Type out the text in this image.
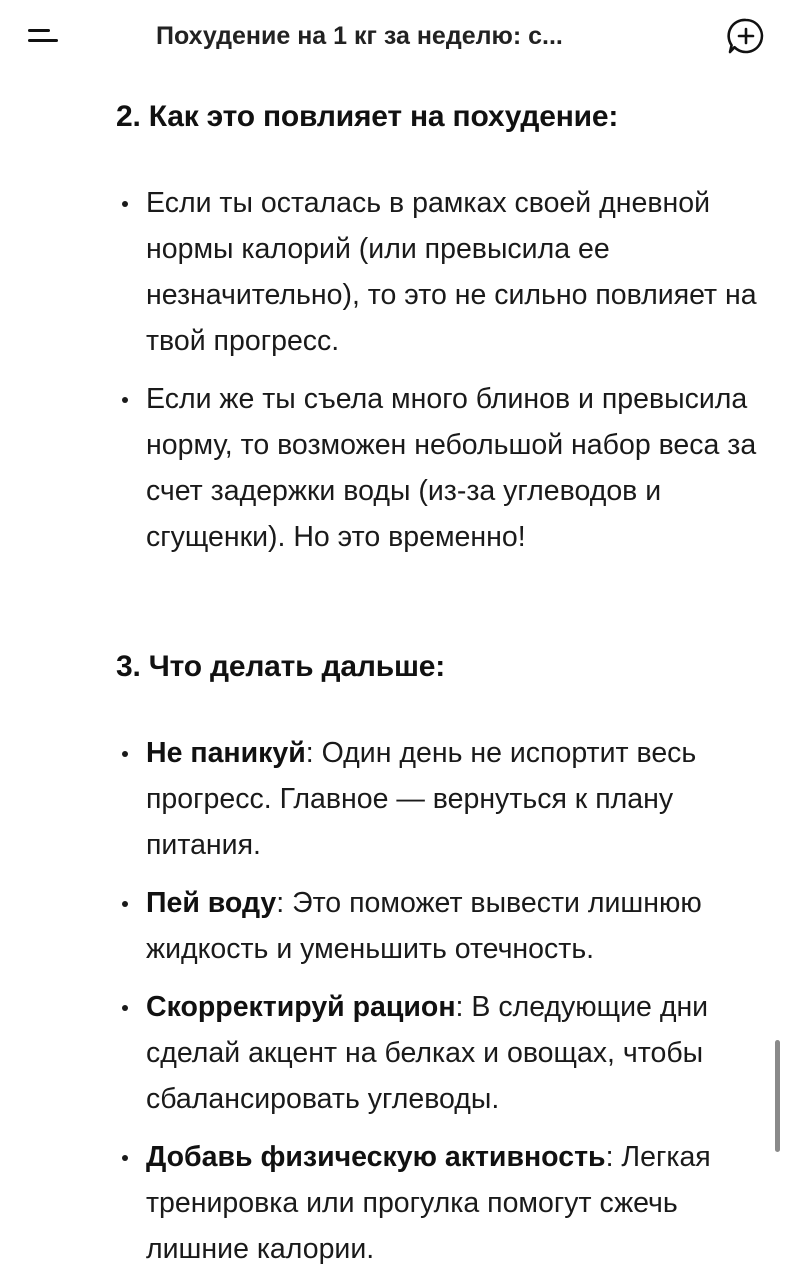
Похудение на 1 кг за неделю: с...
2. Как это повлияет на похудение:
Если ты осталась в рамках своей дневной нормы калорий (или превысила ее незначительно), то это не сильно повлияет на твой прогресс.
Если же ты съела много блинов и превысила норму, то возможен небольшой набор веса за счет задержки воды (из-за углеводов и сгущенки). Но это временно!
3. Что делать дальше:
Не паникуй: Один день не испортит весь прогресс. Главное — вернуться к плану питания.
Пей воду: Это поможет вывести лишнюю жидкость и уменьшить отечность.
Скорректируй рацион: В следующие дни сделай акцент на белках и овощах, чтобы сбалансировать углеводы.
Добавь физическую активность: Легкая тренировка или прогулка помогут сжечь лишние калории.
